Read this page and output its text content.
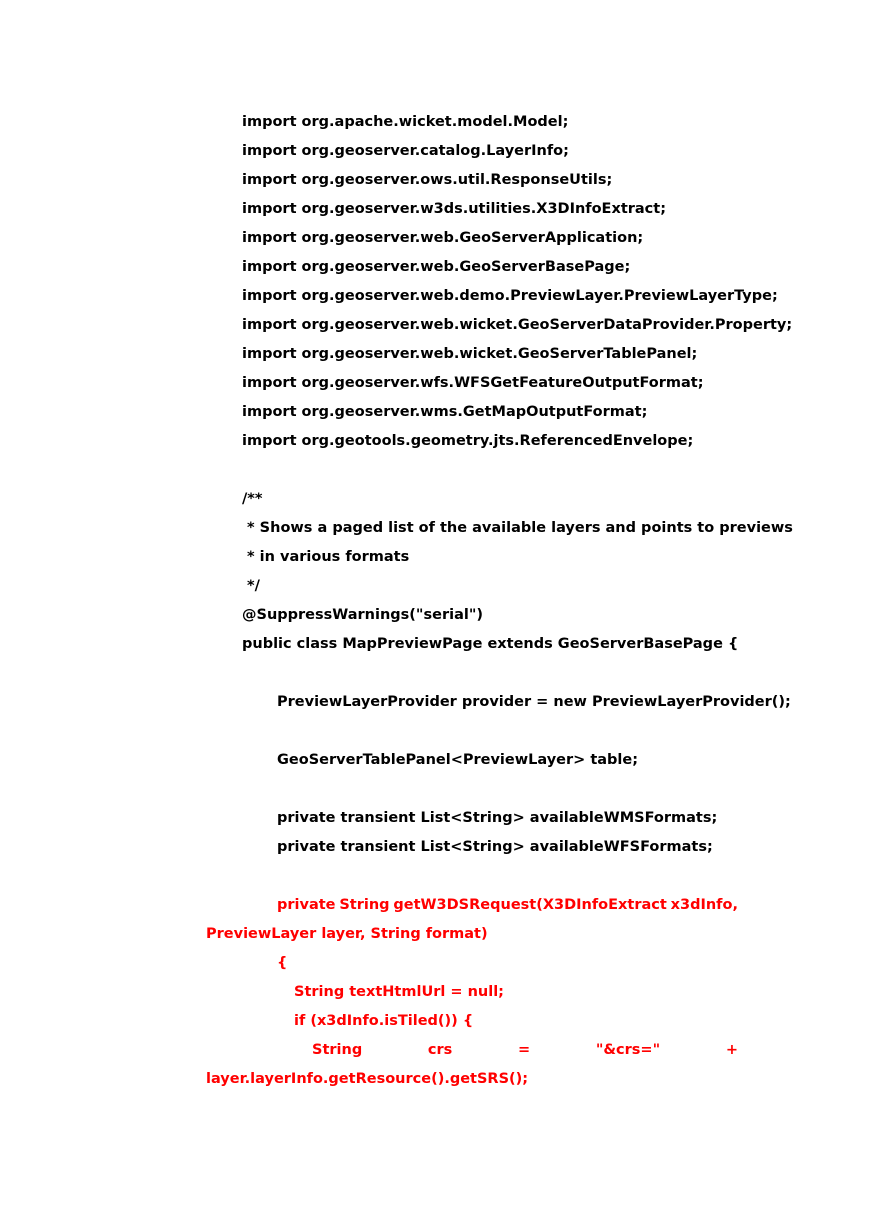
import org.apache.wicket.model.Model;
import org.geoserver.catalog.LayerInfo;
import org.geoserver.ows.util.ResponseUtils;
import org.geoserver.w3ds.utilities.X3DInfoExtract;
import org.geoserver.web.GeoServerApplication;
import org.geoserver.web.GeoServerBasePage;
import org.geoserver.web.demo.PreviewLayer.PreviewLayerType;
import org.geoserver.web.wicket.GeoServerDataProvider.Property;
import org.geoserver.web.wicket.GeoServerTablePanel;
import org.geoserver.wfs.WFSGetFeatureOutputFormat;
import org.geoserver.wms.GetMapOutputFormat;
import org.geotools.geometry.jts.ReferencedEnvelope;
/**
* Shows a paged list of the available layers and points to previews
* in various formats
*/
@SuppressWarnings("serial")
public class MapPreviewPage extends GeoServerBasePage {
PreviewLayerProvider provider = new PreviewLayerProvider();
GeoServerTablePanel<PreviewLayer> table;
private transient List<String> availableWMSFormats;
private transient List<String> availableWFSFormats;
private String getW3DSRequest(X3DInfoExtract x3dInfo,
PreviewLayer layer, String format)
{
String textHtmlUrl = null;
if (x3dInfo.isTiled()) {
String	crs	=	"&crs="	+
layer.layerInfo.getResource().getSRS();
